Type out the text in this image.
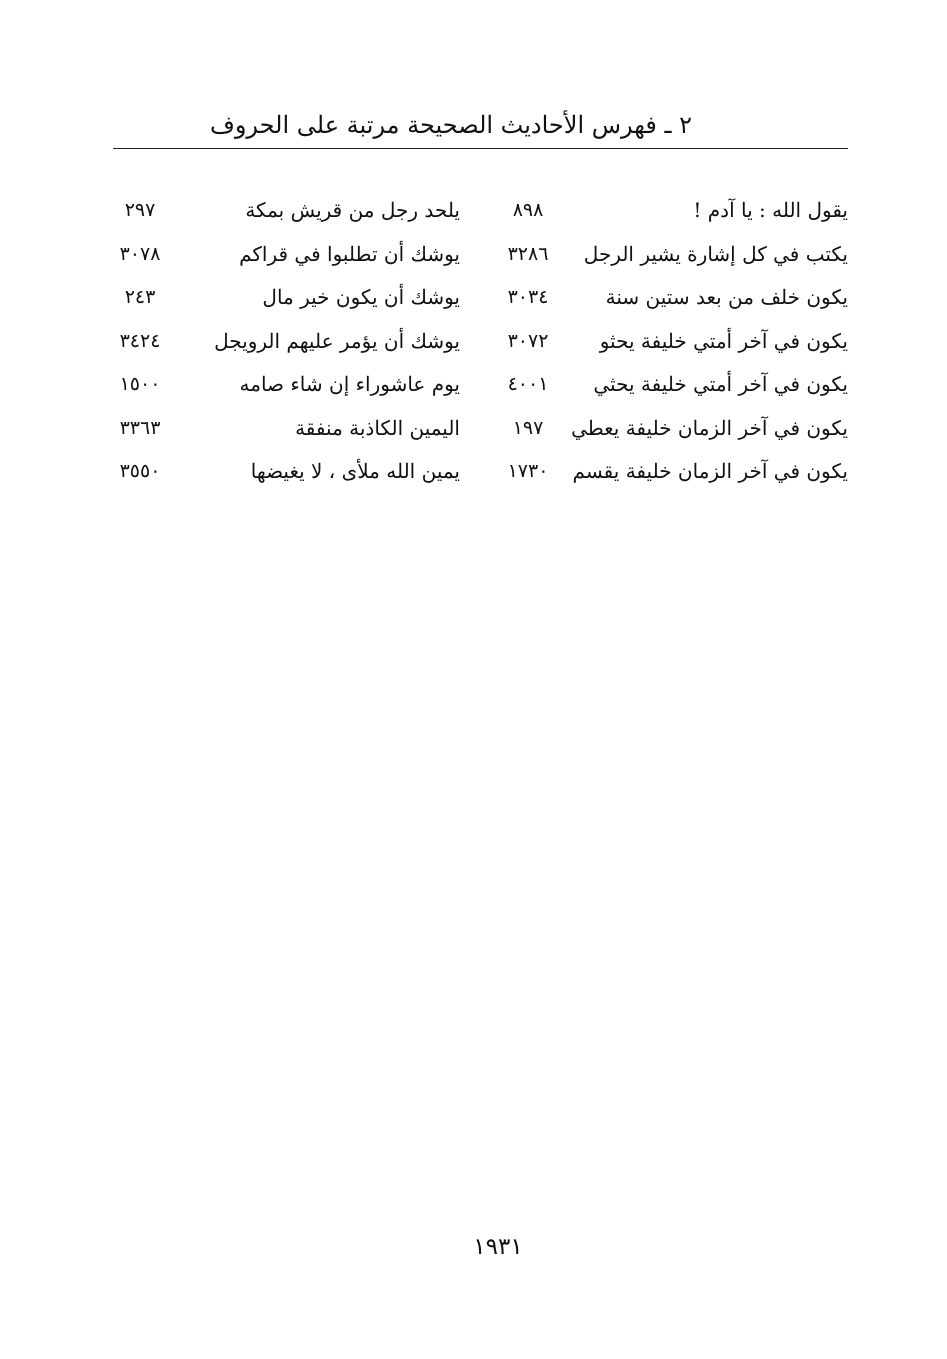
٢ ـ فهرس الأحاديث الصحيحة مرتبة على الحروف
يقول الله : يا آدم !
٨٩٨
يلحد رجل من قريش بمكة
٢٩٧
يكتب في كل إشارة يشير الرجل
٣٢٨٦
يوشك أن تطلبوا في قراكم
٣٠٧٨
يكون خلف من بعد ستين سنة
٣٠٣٤
يوشك أن يكون خير مال
٢٤٣
يكون في آخر أمتي خليفة يحثو
٣٠٧٢
يوشك أن يؤمر عليهم الرويجل
٣٤٢٤
يكون في آخر أمتي خليفة يحثي
٤٠٠١
يوم عاشوراء إن شاء صامه
١٥٠٠
يكون في آخر الزمان خليفة يعطي
١٩٧
اليمين الكاذبة منفقة
٣٣٦٣
يكون في آخر الزمان خليفة يقسم
١٧٣٠
يمين الله ملأى ، لا يغيضها
٣٥٥٠
١٩٣١
